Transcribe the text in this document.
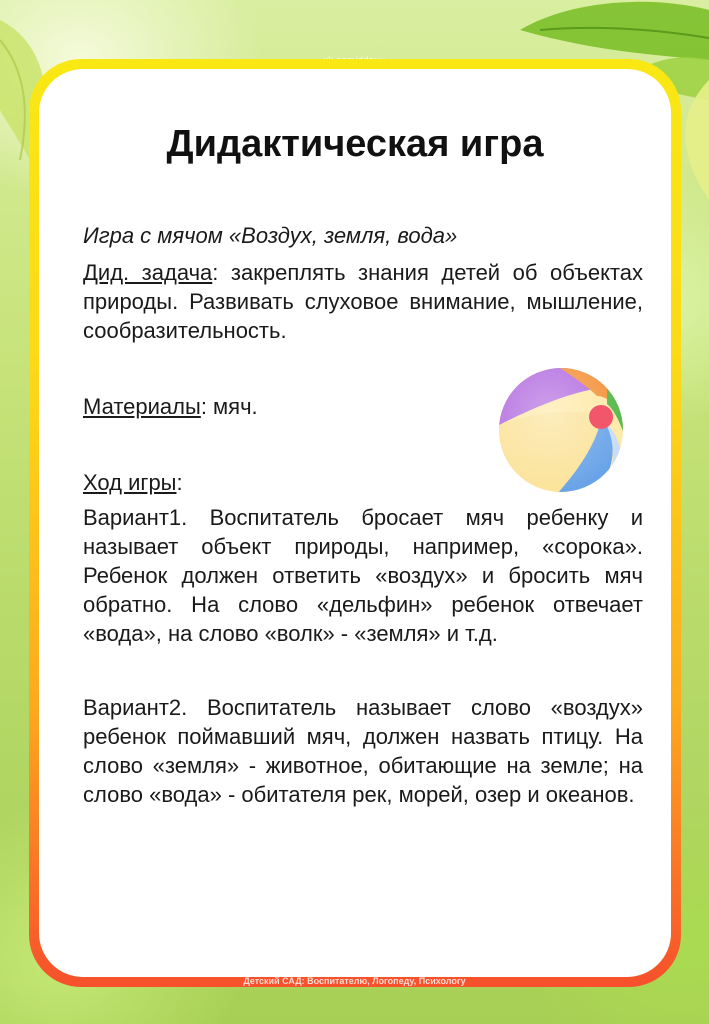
Дидактическая игра

Игра с мячом «Воздух, земля, вода»

Дид. задача: закреплять знания детей об объектах природы. Развивать слуховое внимание, мышление, сообразительность.

Материалы: мяч.

Ход игры:

Вариант1. Воспитатель бросает мяч ребенку и называет объект природы, например, «сорока». Ребенок должен ответить «воздух» и бросить мяч обратно. На слово «дельфин» ребенок отвечает «вода», на слово «волк» - «земля» и т.д.

Вариант2. Воспитатель называет слово «воздух» ребенок поймавший мяч, должен назвать птицу. На слово «земля» - животное, обитающие на земле; на слово «вода» - обитателя рек, морей, озер и океанов.

Детский САД: Воспитателю, Логопеду, Психологу
